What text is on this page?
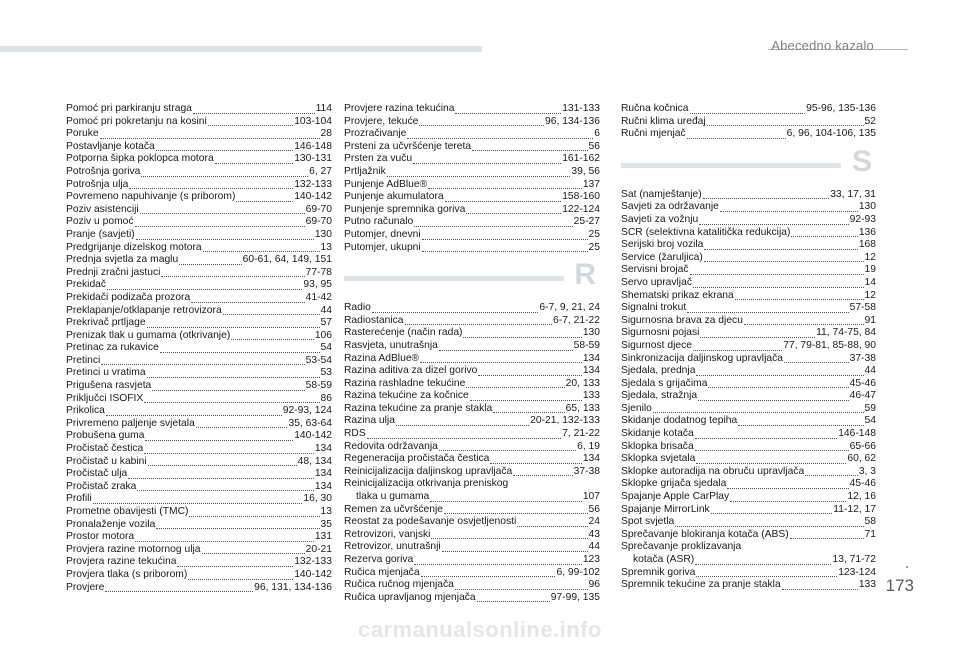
Abecedno kazalo
Pomoć pri parkiranju straga	114
Pomoć pri pokretanju na kosini	103-104
Poruke	28
Postavljanje kotača	146-148
Potporna šipka poklopca motora	130-131
Potrošnja goriva	6, 27
Potrošnja ulja	132-133
Povremeno napuhivanje (s priborom)	140-142
Poziv asistenciji	69-70
Poziv u pomoć	69-70
Pranje (savjeti)	130
Predgrijanje dizelskog motora	13
Prednja svjetla za maglu	60-61, 64, 149, 151
Prednji zračni jastuci	77-78
Prekidač	93, 95
Prekidači podizača prozora	41-42
Preklapanje/otklapanje retrovizora	44
Prekrivač prtljage	57
Prenizak tlak u gumama (otkrivanje)	106
Pretinac za rukavice	54
Pretinci	53-54
Pretinci u vratima	53
Prigušena rasvjeta	58-59
Priključci ISOFIX	86
Prikolica	92-93, 124
Privremeno paljenje svjetala	35, 63-64
Probušena guma	140-142
Pročistač čestica	134
Pročistač u kabini	48, 134
Pročistač ulja	134
Pročistač zraka	134
Profili	16, 30
Prometne obavijesti (TMC)	13
Pronalaženje vozila	35
Prostor motora	131
Provjera razine motornog ulja	20-21
Provjera razine tekućina	132-133
Provjera tlaka (s priborom)	140-142
Provjere	96, 131, 134-136
Provjere razina tekućina	131-133
Provjere, tekuće	96, 134-136
Prozračivanje	6
Prsteni za učvršćenje tereta	56
Prsten za vuču	161-162
Prtljažnik	39, 56
Punjenje AdBlue®	137
Punjenje akumulatora	158-160
Punjenje spremnika goriva	122-124
Putno računalo	25-27
Putomjer, dnevni	25
Putomjer, ukupni	25
R
Radio	6-7, 9, 21, 24
Radiostanica	6-7, 21-22
Rasterećenje (način rada)	130
Rasvjeta, unutrašnja	58-59
Razina AdBlue®	134
Razina aditiva za dizel gorivo	134
Razina rashladne tekućine	20, 133
Razina tekućine za kočnice	133
Razina tekućine za pranje stakla	65, 133
Razina ulja	20-21, 132-133
RDS	7, 21-22
Redovita održavanja	6, 19
Regeneracija pročistača čestica	134
Reinicijalizacija daljinskog upravljača	37-38
Reinicijalizacija otkrivanja preniskog
tlaka u gumama	107
Remen za učvršćenje	56
Reostat za podešavanje osvjetljenosti	24
Retrovizori, vanjski	43
Retrovizor, unutrašnji	44
Rezerva goriva	123
Ručica mjenjača	6, 99-102
Ručica ručnog mjenjača	96
Ručica upravljanog mjenjača	97-99, 135
Ručna kočnica	95-96, 135-136
Ručni klima uređaj	52
Ručni mjenjač	6, 96, 104-106, 135
S
Sat (namještanje)	33, 17, 31
Savjeti za održavanje	130
Savjeti za vožnju	92-93
SCR (selektivna katalitička redukcija)	136
Serijski broj vozila	168
Service (žaruljica)	12
Servisni brojač	19
Servo upravljač	14
Shematski prikaz ekrana	12
Signalni trokut	57-58
Sigurnosna brava za djecu	91
Sigurnosni pojasi	11, 74-75, 84
Sigurnost djece	77, 79-81, 85-88, 90
Sinkronizacija daljinskog upravljača	37-38
Sjedala, prednja	44
Sjedala s grijačima	45-46
Sjedala, stražnja	46-47
Sjenilo	59
Skidanje dodatnog tepiha	54
Skidanje kotača	146-148
Sklopka brisača	65-66
Sklopka svjetala	60, 62
Sklopke autoradija na obruču upravljača	3, 3
Sklopke grijača sjedala	45-46
Spajanje Apple CarPlay	12, 16
Spajanje MirrorLink	11-12, 17
Spot svjetla	58
Sprečavanje blokiranja kotača (ABS)	71
Sprečavanje proklizavanja
kotača (ASR)	13, 71-72
Spremnik goriva	123-124
Spremnik tekućine za pranje stakla	133 173
carmanualsonline.info
